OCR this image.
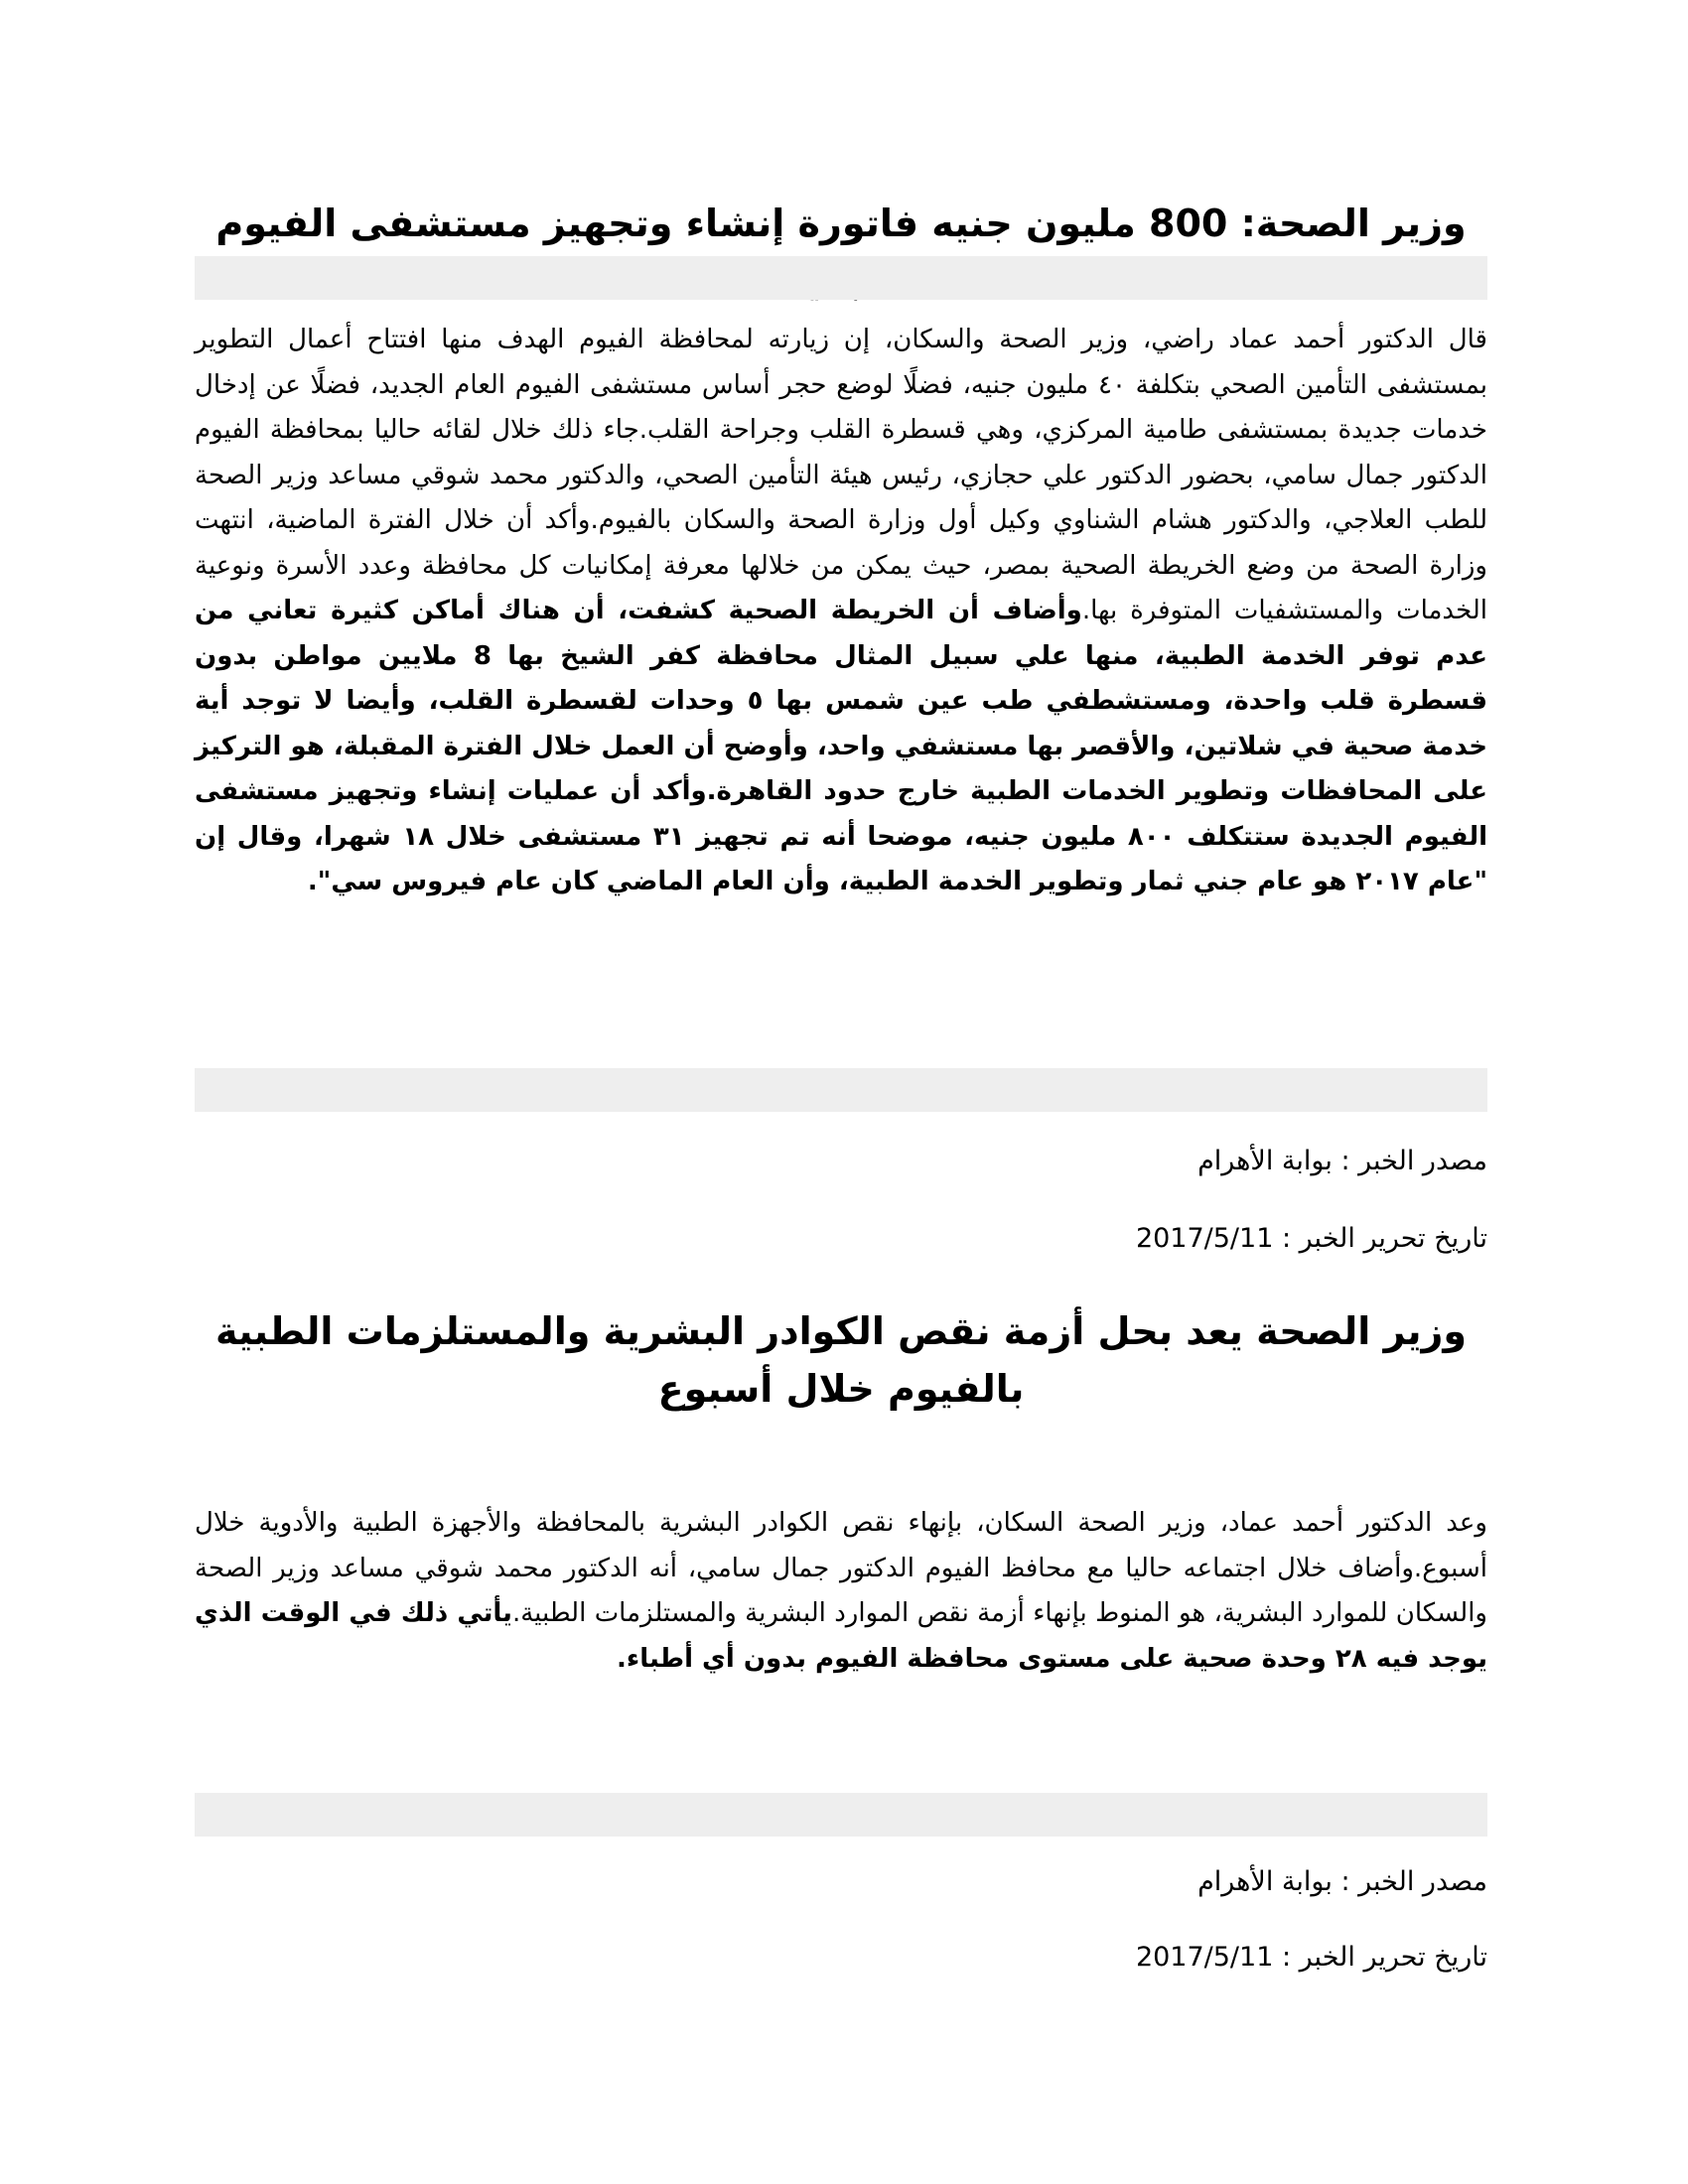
وزير الصحة: 800 مليون جنيه فاتورة إنشاء وتجهيز مستشفى الفيوم

قال الدكتور أحمد عماد راضي، وزير الصحة والسكان، إن زيارته لمحافظة الفيوم الهدف منها افتتاح أعمال التطوير بمستشفى التأمين الصحي بتكلفة ٤٠ مليون جنيه، فضلًا لوضع حجر أساس مستشفى الفيوم العام الجديد، فضلًا عن إدخال خدمات جديدة بمستشفى طامية المركزي، وهي قسطرة القلب وجراحة القلب.جاء ذلك خلال لقائه حاليا بمحافظة الفيوم الدكتور جمال سامي، بحضور الدكتور علي حجازي، رئيس هيئة التأمين الصحي، والدكتور محمد شوقي مساعد وزير الصحة للطب العلاجي، والدكتور هشام الشناوي وكيل أول وزارة الصحة والسكان بالفيوم.وأكد أن خلال الفترة الماضية، انتهت وزارة الصحة من وضع الخريطة الصحية بمصر، حيث يمكن من خلالها معرفة إمكانيات كل محافظة وعدد الأسرة ونوعية الخدمات والمستشفيات المتوفرة بها.وأضاف أن الخريطة الصحية كشفت، أن هناك أماكن كثيرة تعاني من عدم توفر الخدمة الطبية، منها علي سبيل المثال محافظة كفر الشيخ بها 8 ملايين مواطن بدون قسطرة قلب واحدة، ومستشطفي طب عين شمس بها ٥ وحدات لقسطرة القلب، وأيضا لا توجد أية خدمة صحية في شلاتين، والأقصر بها مستشفي واحد، وأوضح أن العمل خلال الفترة المقبلة، هو التركيز على المحافظات وتطوير الخدمات الطبية خارج حدود القاهرة.وأكد أن عمليات إنشاء وتجهيز مستشفى الفيوم الجديدة ستتكلف ٨٠٠ مليون جنيه، موضحا أنه تم تجهيز ٣١ مستشفى خلال ١٨ شهرا، وقال إن "عام ٢٠١٧ هو عام جني ثمار وتطوير الخدمة الطبية، وأن العام الماضي كان عام فيروس سي".

مصدر الخبر : بوابة الأهرام

تاريخ تحرير الخبر : 2017/5/11

وزير الصحة يعد بحل أزمة نقص الكوادر البشرية والمستلزمات الطبية بالفيوم خلال أسبوع

وعد الدكتور أحمد عماد، وزير الصحة السكان، بإنهاء نقص الكوادر البشرية بالمحافظة والأجهزة الطبية والأدوية خلال أسبوع.وأضاف خلال اجتماعه حاليا مع محافظ الفيوم الدكتور جمال سامي، أنه الدكتور محمد شوقي مساعد وزير الصحة والسكان للموارد البشرية، هو المنوط بإنهاء أزمة نقص الموارد البشرية والمستلزمات الطبية.يأتي ذلك في الوقت الذي يوجد فيه ٢٨ وحدة صحية على مستوى محافظة الفيوم بدون أي أطباء.

مصدر الخبر : بوابة الأهرام

تاريخ تحرير الخبر : 2017/5/11
